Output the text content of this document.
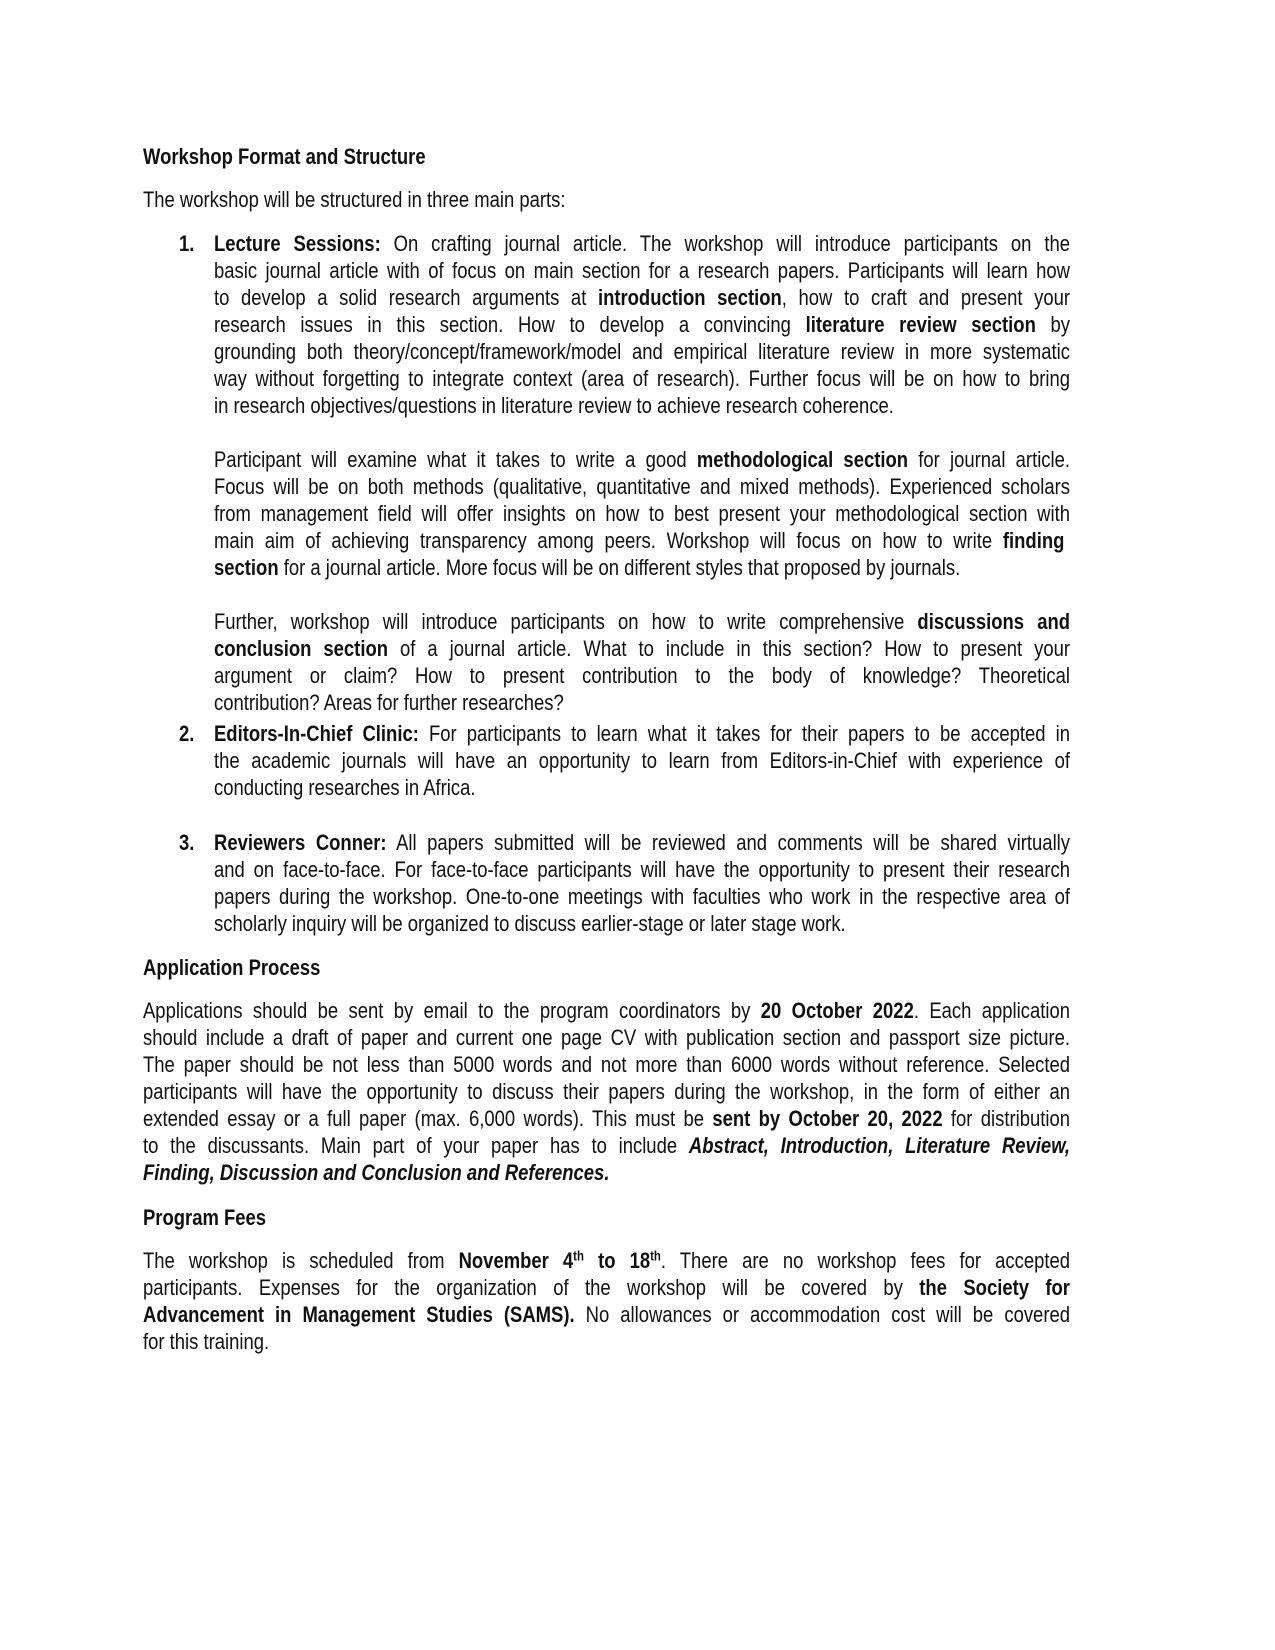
Workshop Format and Structure
The workshop will be structured in three main parts:
1. Lecture Sessions: On crafting journal article. The workshop will introduce participants on the
basic journal article with of focus on main section for a research papers. Participants will learn how
to develop a solid research arguments at introduction section, how to craft and present your
research issues in this section. How to develop a convincing literature review section by
grounding both theory/concept/framework/model and empirical literature review in more systematic
way without forgetting to integrate context (area of research). Further focus will be on how to bring
in research objectives/questions in literature review to achieve research coherence.
Participant will examine what it takes to write a good methodological section for journal article.
Focus will be on both methods (qualitative, quantitative and mixed methods). Experienced scholars
from management field will offer insights on how to best present your methodological section with
main aim of achieving transparency among peers. Workshop will focus on how to write finding
section for a journal article. More focus will be on different styles that proposed by journals.
Further, workshop will introduce participants on how to write comprehensive discussions and
conclusion section of a journal article. What to include in this section? How to present your
argument or claim? How to present contribution to the body of knowledge? Theoretical
contribution? Areas for further researches?
2. Editors-In-Chief Clinic: For participants to learn what it takes for their papers to be accepted in
the academic journals will have an opportunity to learn from Editors-in-Chief with experience of
conducting researches in Africa.
3. Reviewers Conner: All papers submitted will be reviewed and comments will be shared virtually
and on face-to-face. For face-to-face participants will have the opportunity to present their research
papers during the workshop. One-to-one meetings with faculties who work in the respective area of
scholarly inquiry will be organized to discuss earlier-stage or later stage work.
Application Process
Applications should be sent by email to the program coordinators by 20 October 2022. Each application
should include a draft of paper and current one page CV with publication section and passport size picture.
The paper should be not less than 5000 words and not more than 6000 words without reference. Selected
participants will have the opportunity to discuss their papers during the workshop, in the form of either an
extended essay or a full paper (max. 6,000 words). This must be sent by October 20, 2022 for distribution
to the discussants. Main part of your paper has to include Abstract, Introduction, Literature Review,
Finding, Discussion and Conclusion and References.
Program Fees
The workshop is scheduled from November 4th to 18th. There are no workshop fees for accepted
participants. Expenses for the organization of the workshop will be covered by the Society for
Advancement in Management Studies (SAMS). No allowances or accommodation cost will be covered
for this training.
